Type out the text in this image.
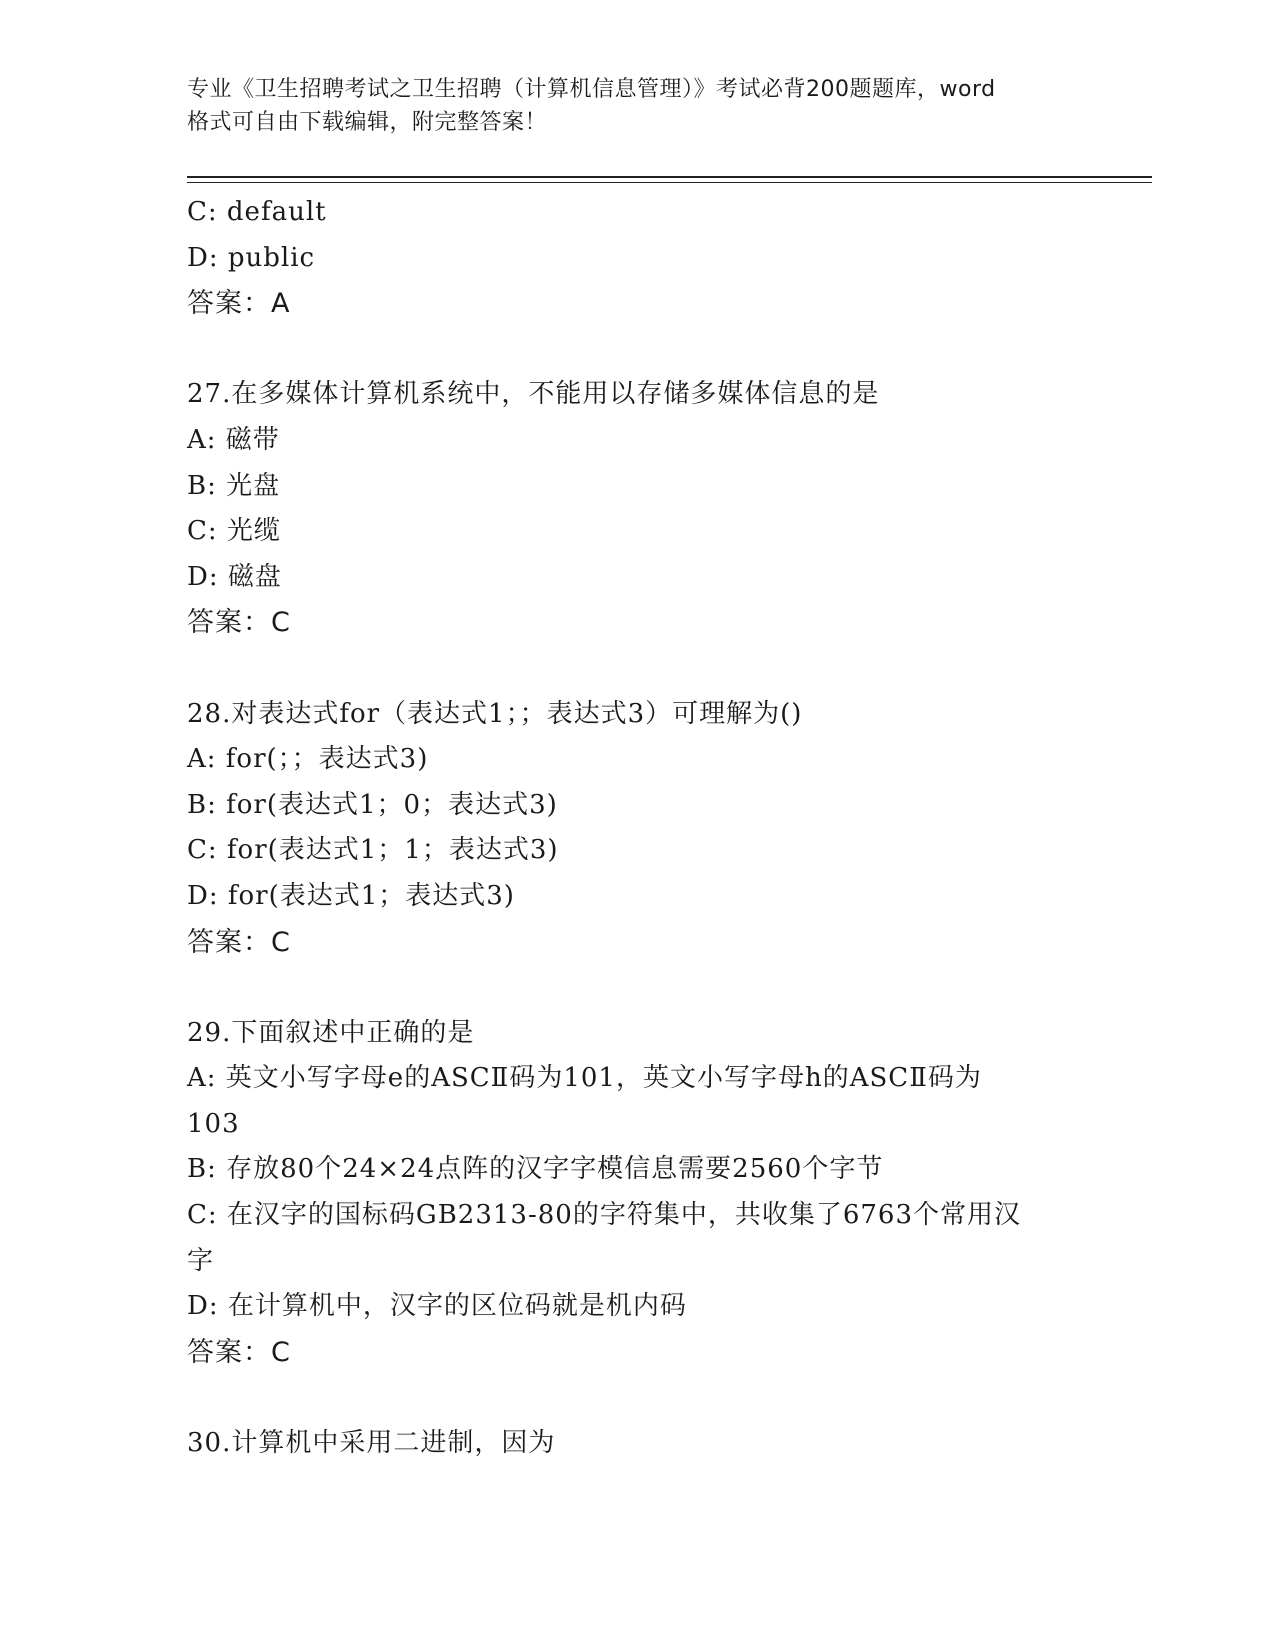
专业《卫生招聘考试之卫生招聘（计算机信息管理）》考试必背200题题库，word
格式可自由下载编辑，附完整答案！
C: default
D: public
答案：A
27.在多媒体计算机系统中，不能用以存储多媒体信息的是
A: 磁带
B: 光盘
C: 光缆
D: 磁盘
答案：C
28.对表达式for（表达式1；；表达式3）可理解为()
A: for(；；表达式3)
B: for(表达式1；0；表达式3)
C: for(表达式1；1；表达式3)
D: for(表达式1；表达式3)
答案：C
29.下面叙述中正确的是
A: 英文小写字母e的ASCⅡ码为101，英文小写字母h的ASCⅡ码为
103
B: 存放80个24×24点阵的汉字字模信息需要2560个字节
C: 在汉字的国标码GB2313-80的字符集中，共收集了6763个常用汉
字
D: 在计算机中，汉字的区位码就是机内码
答案：C
30.计算机中采用二进制，因为
